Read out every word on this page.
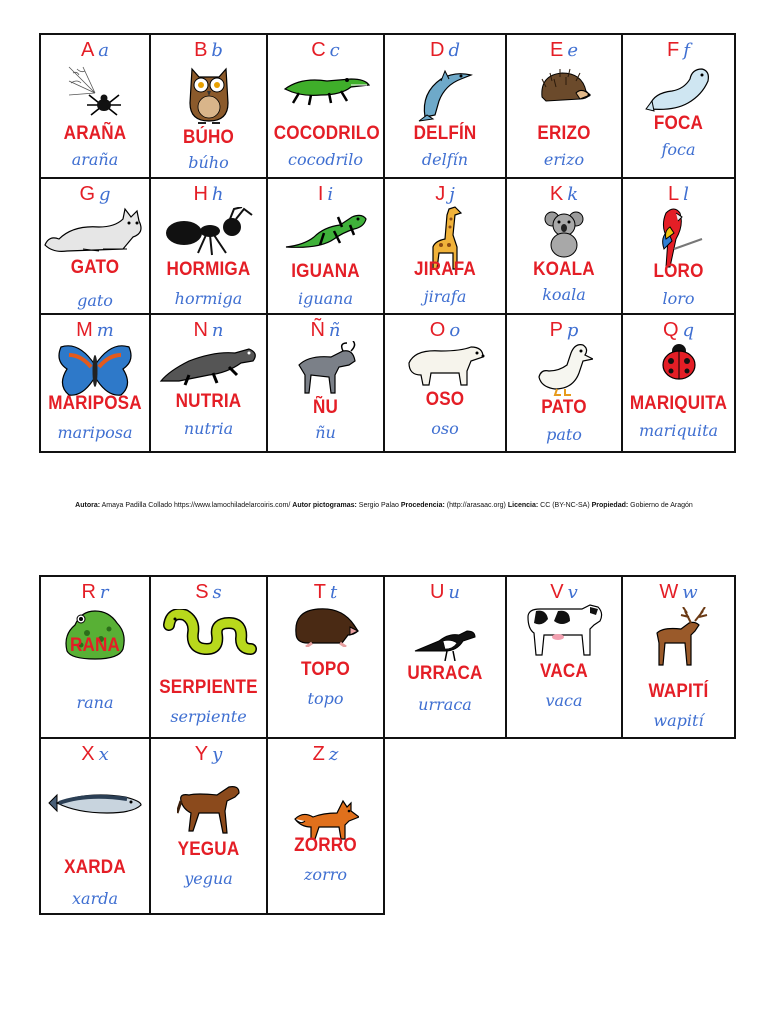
A a
ARAÑA
araña
B b
BÚHO
búho
C c
COCODRILO
cocodrilo
D d
DELFÍN
delfín
E e
ERIZO
erizo
F f
FOCA
foca
G g
GATO
gato
H h
HORMIGA
hormiga
I i
IGUANA
iguana
J j
JIRAFA
jirafa
K k
KOALA
koala
L l
LORO
loro
M m
MARIPOSA
mariposa
N n
NUTRIA
nutria
Ñ ñ
ÑU
ñu
O o
OSO
oso
P p
PATO
pato
Q q
MARIQUITA
mariquita
Autora: Amaya Padilla Collado https://www.lamochiladelarcoiris.com/ Autor pictogramas: Sergio Palao Procedencia: (http://arasaac.org) Licencia: CC (BY-NC-SA) Propiedad: Gobierno de Aragón
R r
RANA
rana
S s
SERPIENTE
serpiente
T t
TOPO
topo
U u
URRACA
urraca
V v
VACA
vaca
W w
WAPITÍ
wapití
X x
XARDA
xarda
Y y
YEGUA
yegua
Z z
ZORRO
zorro
